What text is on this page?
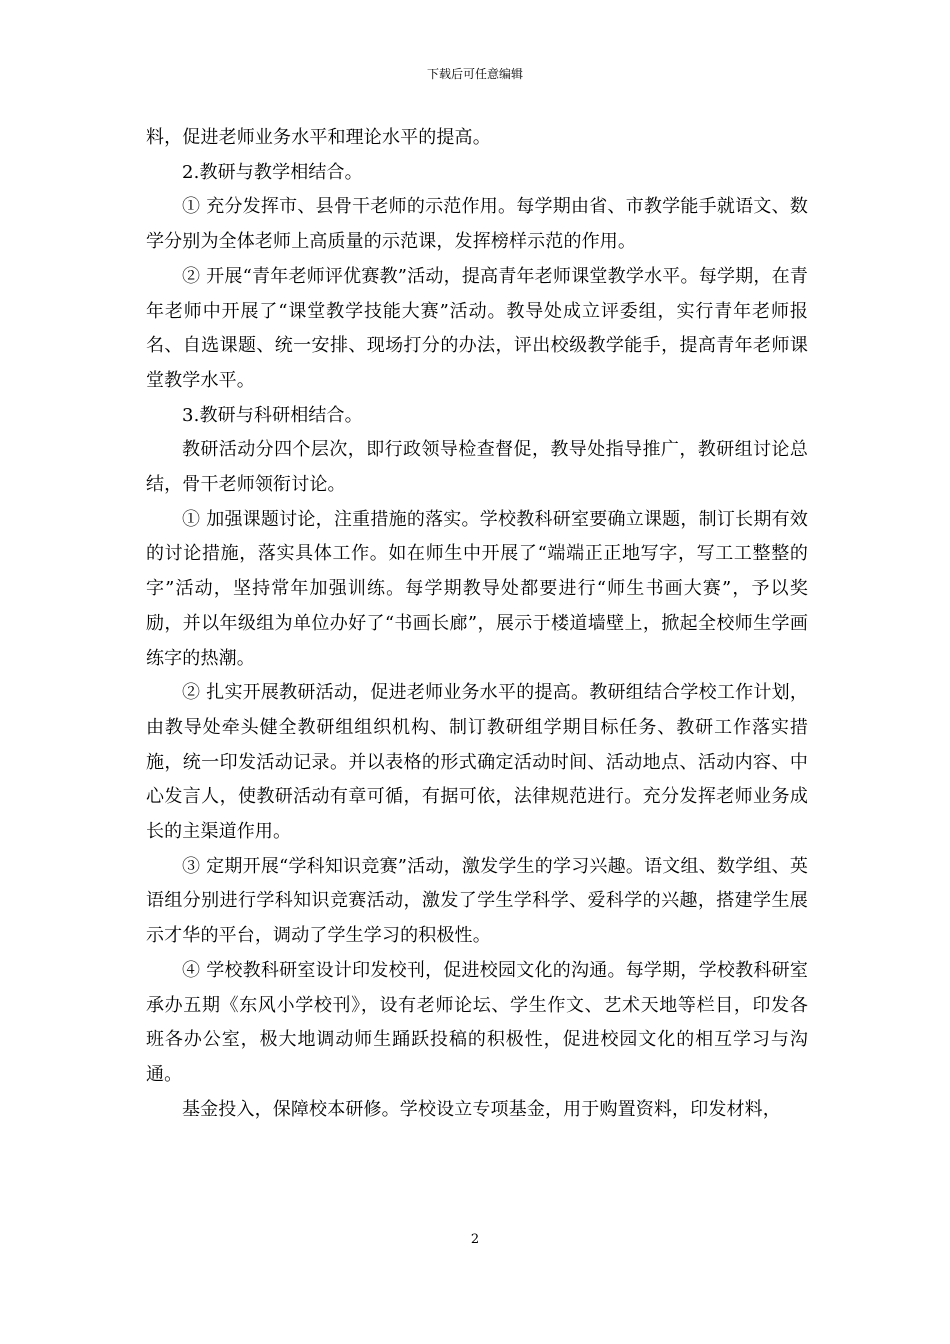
下载后可任意编辑

料，促进老师业务水平和理论水平的提高。

2.教研与教学相结合。

① 充分发挥市、县骨干老师的示范作用。每学期由省、市教学能手就语文、数学分别为全体老师上高质量的示范课，发挥榜样示范的作用。

② 开展“青年老师评优赛教”活动，提高青年老师课堂教学水平。每学期，在青年老师中开展了“课堂教学技能大赛”活动。教导处成立评委组，实行青年老师报名、自选课题、统一安排、现场打分的办法，评出校级教学能手，提高青年老师课堂教学水平。

3.教研与科研相结合。

教研活动分四个层次，即行政领导检查督促，教导处指导推广，教研组讨论总结，骨干老师领衔讨论。

① 加强课题讨论，注重措施的落实。学校教科研室要确立课题，制订长期有效的讨论措施，落实具体工作。如在师生中开展了“端端正正地写字，写工工整整的字”活动，坚持常年加强训练。每学期教导处都要进行“师生书画大赛”，予以奖励，并以年级组为单位办好了“书画长廊”，展示于楼道墙壁上，掀起全校师生学画练字的热潮。

② 扎实开展教研活动，促进老师业务水平的提高。教研组结合学校工作计划，由教导处牵头健全教研组组织机构、制订教研组学期目标任务、教研工作落实措施，统一印发活动记录。并以表格的形式确定活动时间、活动地点、活动内容、中心发言人，使教研活动有章可循，有据可依，法律规范进行。充分发挥老师业务成长的主渠道作用。

③ 定期开展“学科知识竞赛”活动，激发学生的学习兴趣。语文组、数学组、英语组分别进行学科知识竞赛活动，激发了学生学科学、爱科学的兴趣，搭建学生展示才华的平台，调动了学生学习的积极性。

④ 学校教科研室设计印发校刊，促进校园文化的沟通。每学期，学校教科研室承办五期《东风小学校刊》，设有老师论坛、学生作文、艺术天地等栏目，印发各班各办公室，极大地调动师生踊跃投稿的积极性，促进校园文化的相互学习与沟通。

基金投入，保障校本研修。学校设立专项基金，用于购置资料，印发材料，

2
